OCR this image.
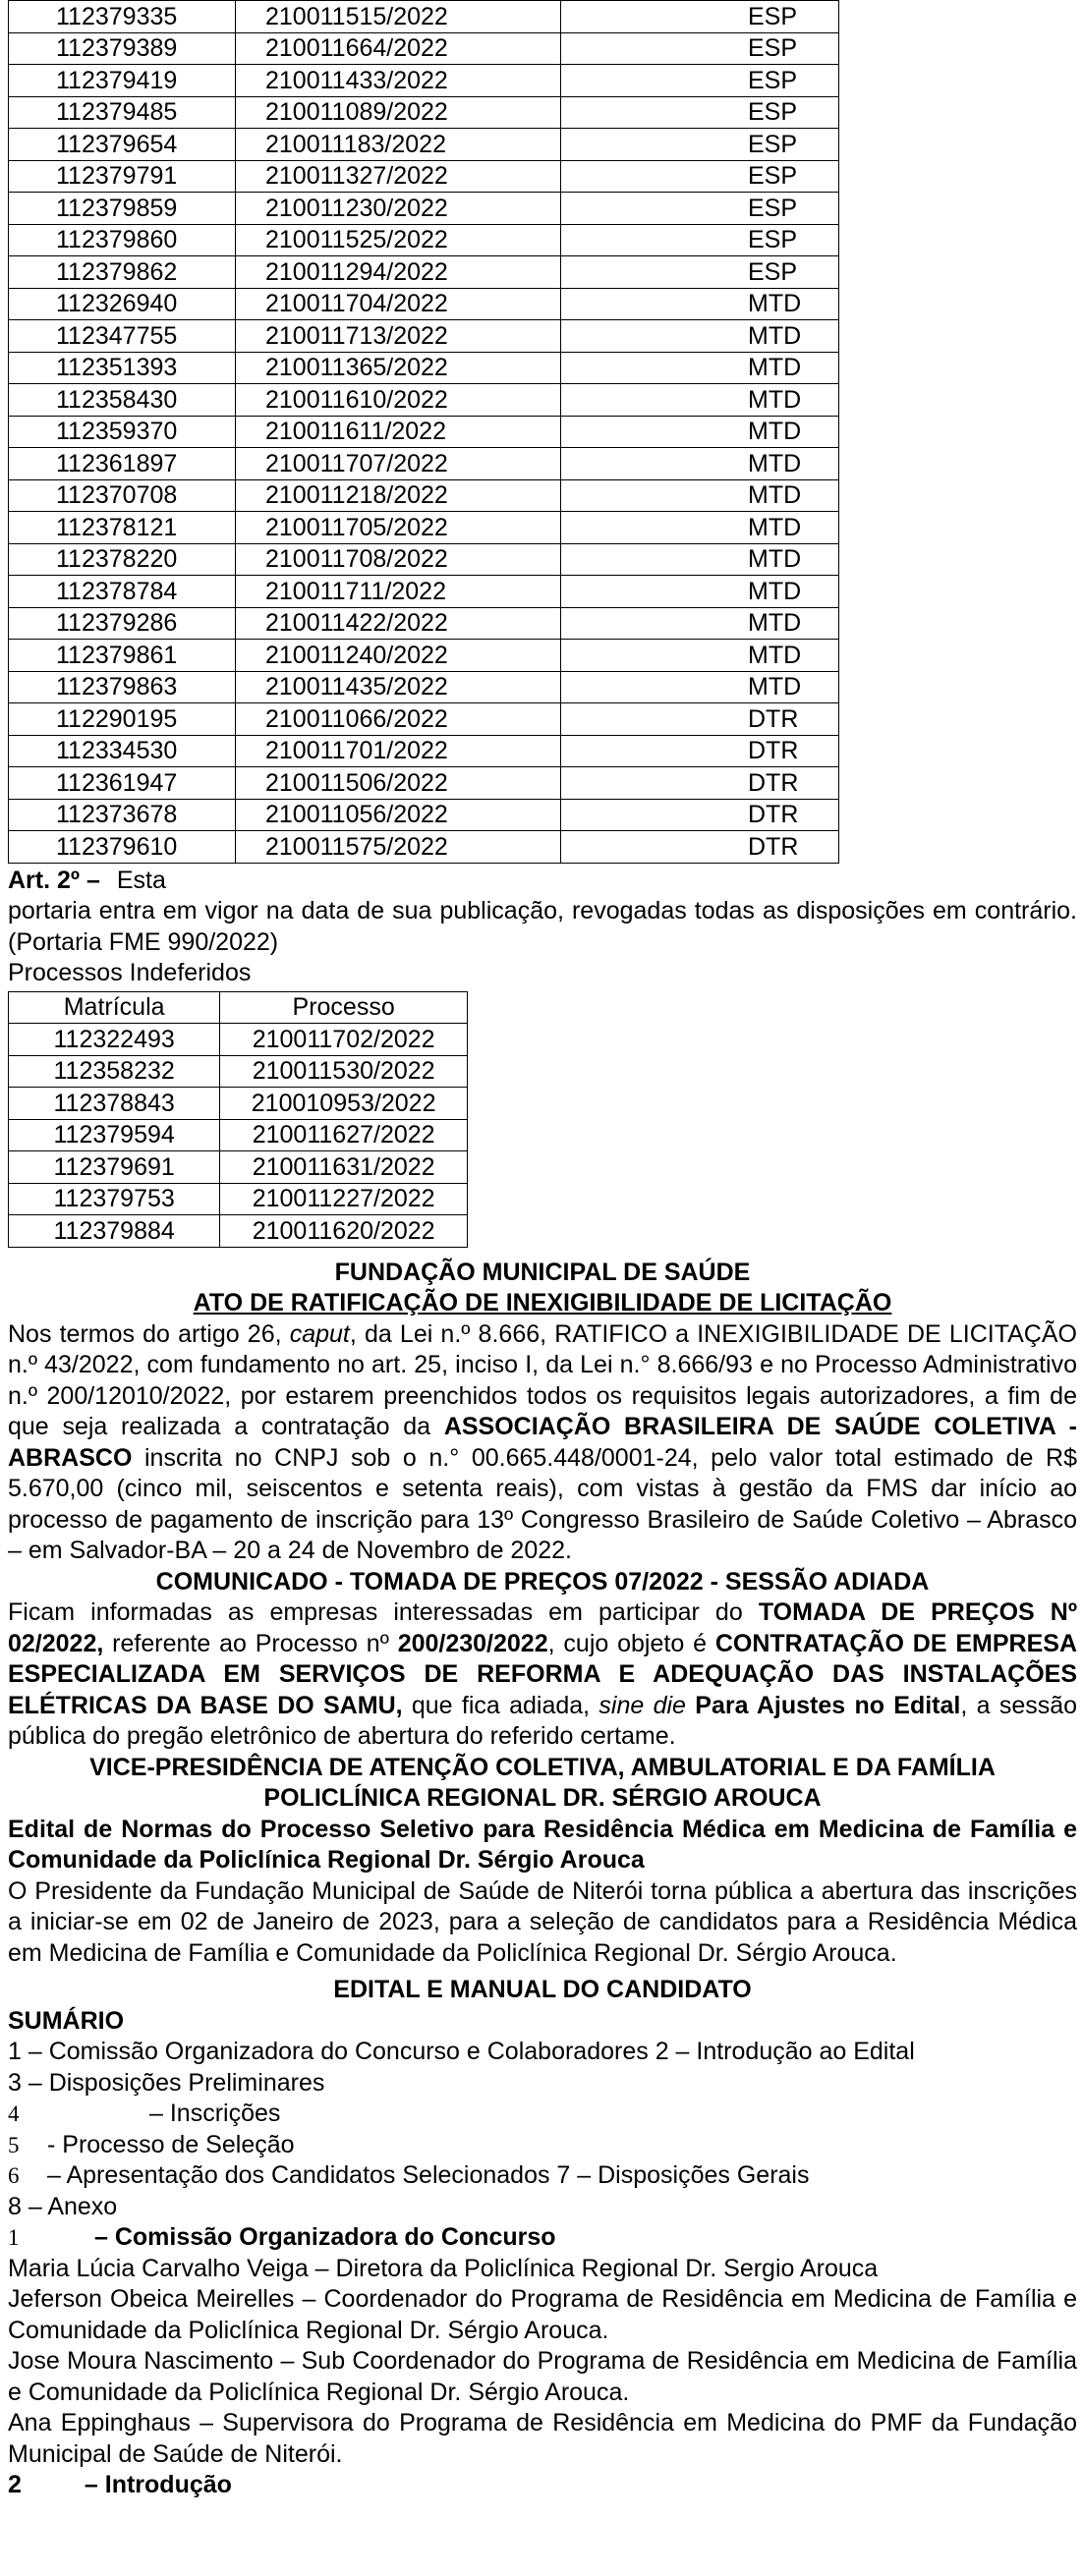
112379335	210011515/2022	ESP
112379389	210011664/2022	ESP
112379419	210011433/2022	ESP
112379485	210011089/2022	ESP
112379654	210011183/2022	ESP
112379791	210011327/2022	ESP
112379859	210011230/2022	ESP
112379860	210011525/2022	ESP
112379862	210011294/2022	ESP
112326940	210011704/2022	MTD
112347755	210011713/2022	MTD
112351393	210011365/2022	MTD
112358430	210011610/2022	MTD
112359370	210011611/2022	MTD
112361897	210011707/2022	MTD
112370708	210011218/2022	MTD
112378121	210011705/2022	MTD
112378220	210011708/2022	MTD
112378784	210011711/2022	MTD
112379286	210011422/2022	MTD
112379861	210011240/2022	MTD
112379863	210011435/2022	MTD
112290195	210011066/2022	DTR
112334530	210011701/2022	DTR
112361947	210011506/2022	DTR
112373678	210011056/2022	DTR
112379610	210011575/2022	DTR

Art. 2º – Esta

portaria entra em vigor na data de sua publicação, revogadas todas as disposições em contrário. (Portaria FME 990/2022)

Processos Indeferidos

Matrícula	Processo
112322493	210011702/2022
112358232	210011530/2022
112378843	210010953/2022
112379594	210011627/2022
112379691	210011631/2022
112379753	210011227/2022
112379884	210011620/2022

FUNDAÇÃO MUNICIPAL DE SAÚDE

ATO DE RATIFICAÇÃO DE INEXIGIBILIDADE DE LICITAÇÃO

Nos termos do artigo 26, caput, da Lei n.º 8.666, RATIFICO a INEXIGIBILIDADE DE LICITAÇÃO n.º 43/2022, com fundamento no art. 25, inciso I, da Lei n.° 8.666/93 e no Processo Administrativo n.º 200/12010/2022, por estarem preenchidos todos os requisitos legais autorizadores, a fim de que seja realizada a contratação da ASSOCIAÇÃO BRASILEIRA DE SAÚDE COLETIVA - ABRASCO inscrita no CNPJ sob o n.° 00.665.448/0001-24, pelo valor total estimado de R$ 5.670,00 (cinco mil, seiscentos e setenta reais), com vistas à gestão da FMS dar início ao processo de pagamento de inscrição para 13º Congresso Brasileiro de Saúde Coletivo – Abrasco – em Salvador-BA – 20 a 24 de Novembro de 2022.

COMUNICADO - TOMADA DE PREÇOS 07/2022 - SESSÃO ADIADA

Ficam informadas as empresas interessadas em participar do TOMADA DE PREÇOS Nº 02/2022, referente ao Processo nº 200/230/2022, cujo objeto é CONTRATAÇÃO DE EMPRESA ESPECIALIZADA EM SERVIÇOS DE REFORMA E ADEQUAÇÃO DAS INSTALAÇÕES ELÉTRICAS DA BASE DO SAMU, que fica adiada, sine die Para Ajustes no Edital, a sessão pública do pregão eletrônico de abertura do referido certame.

VICE-PRESIDÊNCIA DE ATENÇÃO COLETIVA, AMBULATORIAL E DA FAMÍLIA

POLICLÍNICA REGIONAL DR. SÉRGIO AROUCA

Edital de Normas do Processo Seletivo para Residência Médica em Medicina de Família e Comunidade da Policlínica Regional Dr. Sérgio Arouca

O Presidente da Fundação Municipal de Saúde de Niterói torna pública a abertura das inscrições a iniciar-se em 02 de Janeiro de 2023, para a seleção de candidatos para a Residência Médica em Medicina de Família e Comunidade da Policlínica Regional Dr. Sérgio Arouca.

EDITAL E MANUAL DO CANDIDATO

SUMÁRIO

1 – Comissão Organizadora do Concurso e Colaboradores 2 – Introdução ao Edital

3 – Disposições Preliminares

4	– Inscrições

5 - Processo de Seleção

6 – Apresentação dos Candidatos Selecionados 7 – Disposições Gerais

8 – Anexo

1	– Comissão Organizadora do Concurso

Maria Lúcia Carvalho Veiga – Diretora da Policlínica Regional Dr. Sergio Arouca

Jeferson Obeica Meirelles – Coordenador do Programa de Residência em Medicina de Família e Comunidade da Policlínica Regional Dr. Sérgio Arouca.

Jose Moura Nascimento – Sub Coordenador do Programa de Residência em Medicina de Família e Comunidade da Policlínica Regional Dr. Sérgio Arouca.

Ana Eppinghaus – Supervisora do Programa de Residência em Medicina do PMF da Fundação Municipal de Saúde de Niterói.

2	– Introdução
